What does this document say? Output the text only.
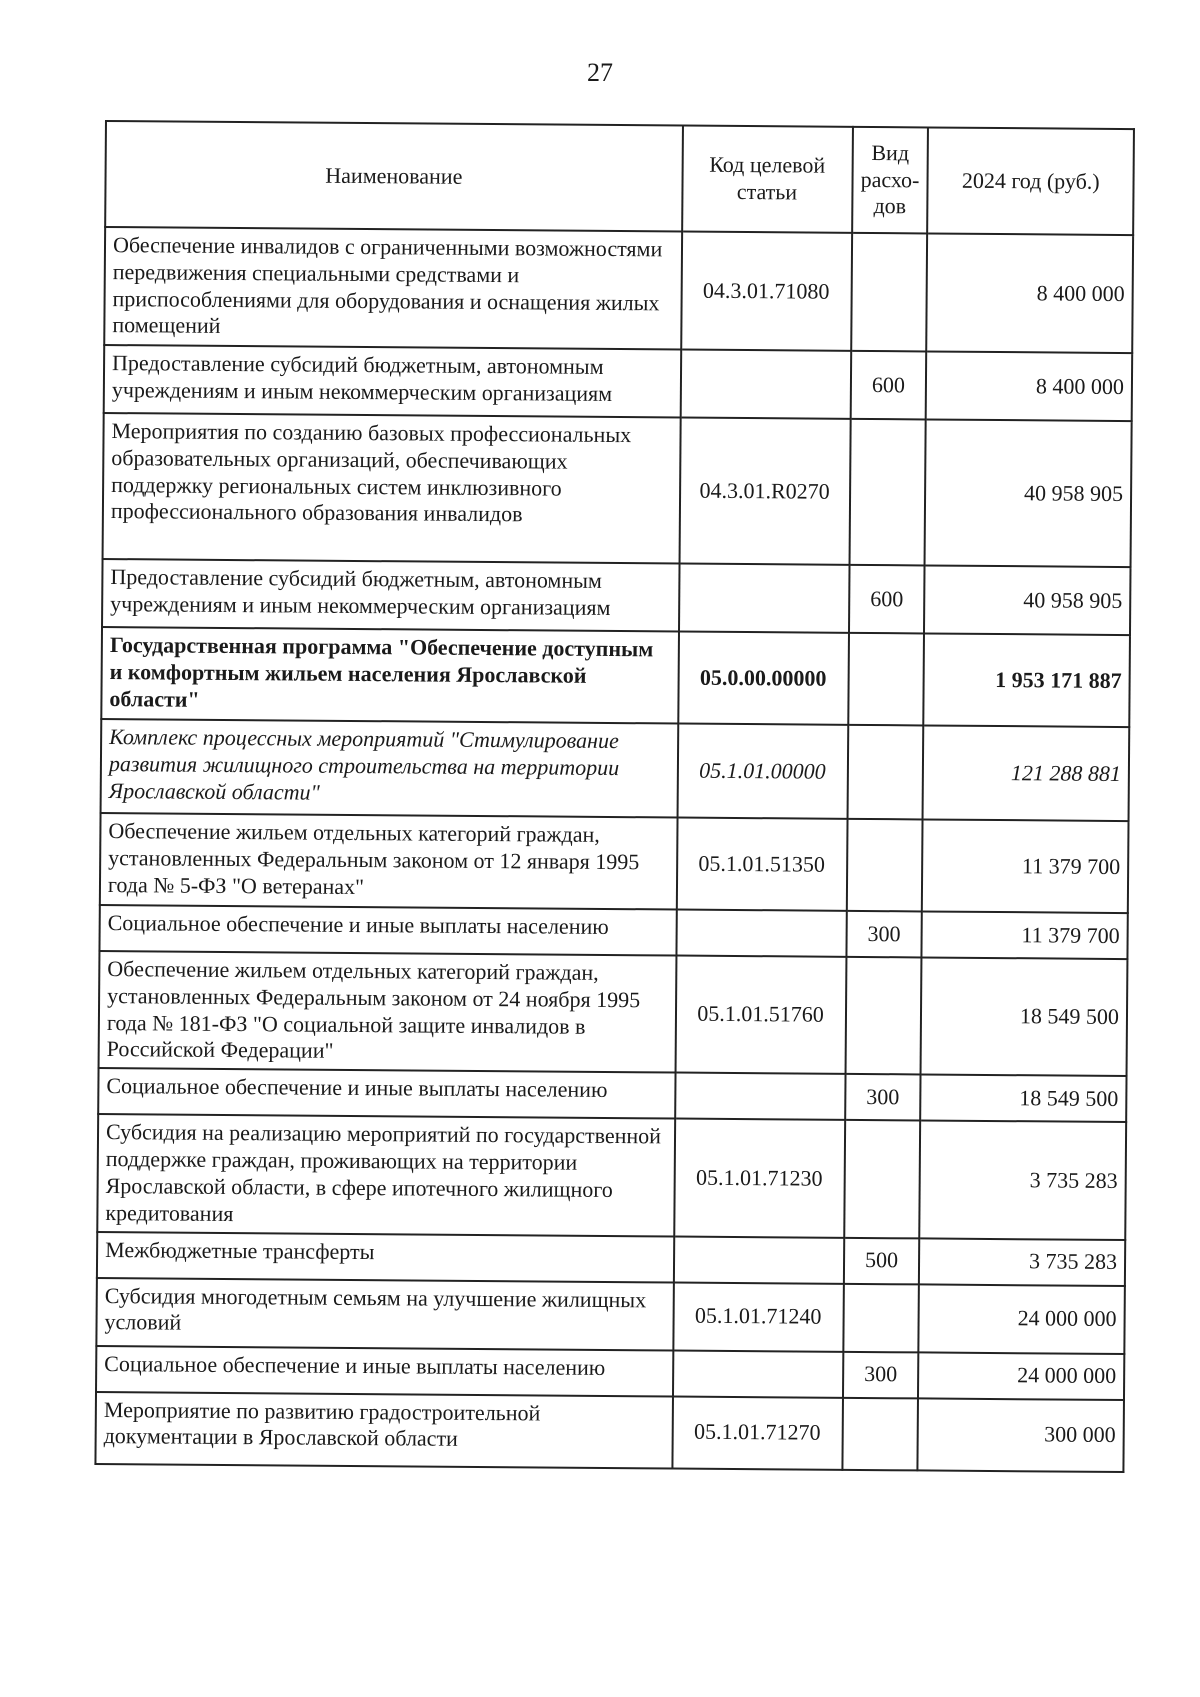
27
Наименование	Код целевой статьи	Вид расхо-дов	2024 год (руб.)
Обеспечение инвалидов с ограниченными возможностями передвижения специальными средствами и приспособлениями для оборудования и оснащения жилых помещений	04.3.01.71080		8 400 000
Предоставление субсидий бюджетным, автономным учреждениям и иным некоммерческим организациям		600	8 400 000
Мероприятия по созданию базовых профессиональных образовательных организаций, обеспечивающих поддержку региональных систем инклюзивного профессионального образования инвалидов	04.3.01.R0270		40 958 905
Предоставление субсидий бюджетным, автономным учреждениям и иным некоммерческим организациям		600	40 958 905
Государственная программа "Обеспечение доступным и комфортным жильем населения Ярославской области"	05.0.00.00000		1 953 171 887
Комплекс процессных мероприятий "Стимулирование развития жилищного строительства на территории Ярославской области"	05.1.01.00000		121 288 881
Обеспечение жильем отдельных категорий граждан, установленных Федеральным законом от 12 января 1995 года № 5-ФЗ "О ветеранах"	05.1.01.51350		11 379 700
Социальное обеспечение и иные выплаты населению		300	11 379 700
Обеспечение жильем отдельных категорий граждан, установленных Федеральным законом от 24 ноября 1995 года № 181-ФЗ "О социальной защите инвалидов в Российской Федерации"	05.1.01.51760		18 549 500
Социальное обеспечение и иные выплаты населению		300	18 549 500
Субсидия на реализацию мероприятий по государственной поддержке граждан, проживающих на территории Ярославской области, в сфере ипотечного жилищного кредитования	05.1.01.71230		3 735 283
Межбюджетные трансферты		500	3 735 283
Субсидия многодетным семьям на улучшение жилищных условий	05.1.01.71240		24 000 000
Социальное обеспечение и иные выплаты населению		300	24 000 000
Мероприятие по развитию градостроительной документации в Ярославской области	05.1.01.71270		300 000
